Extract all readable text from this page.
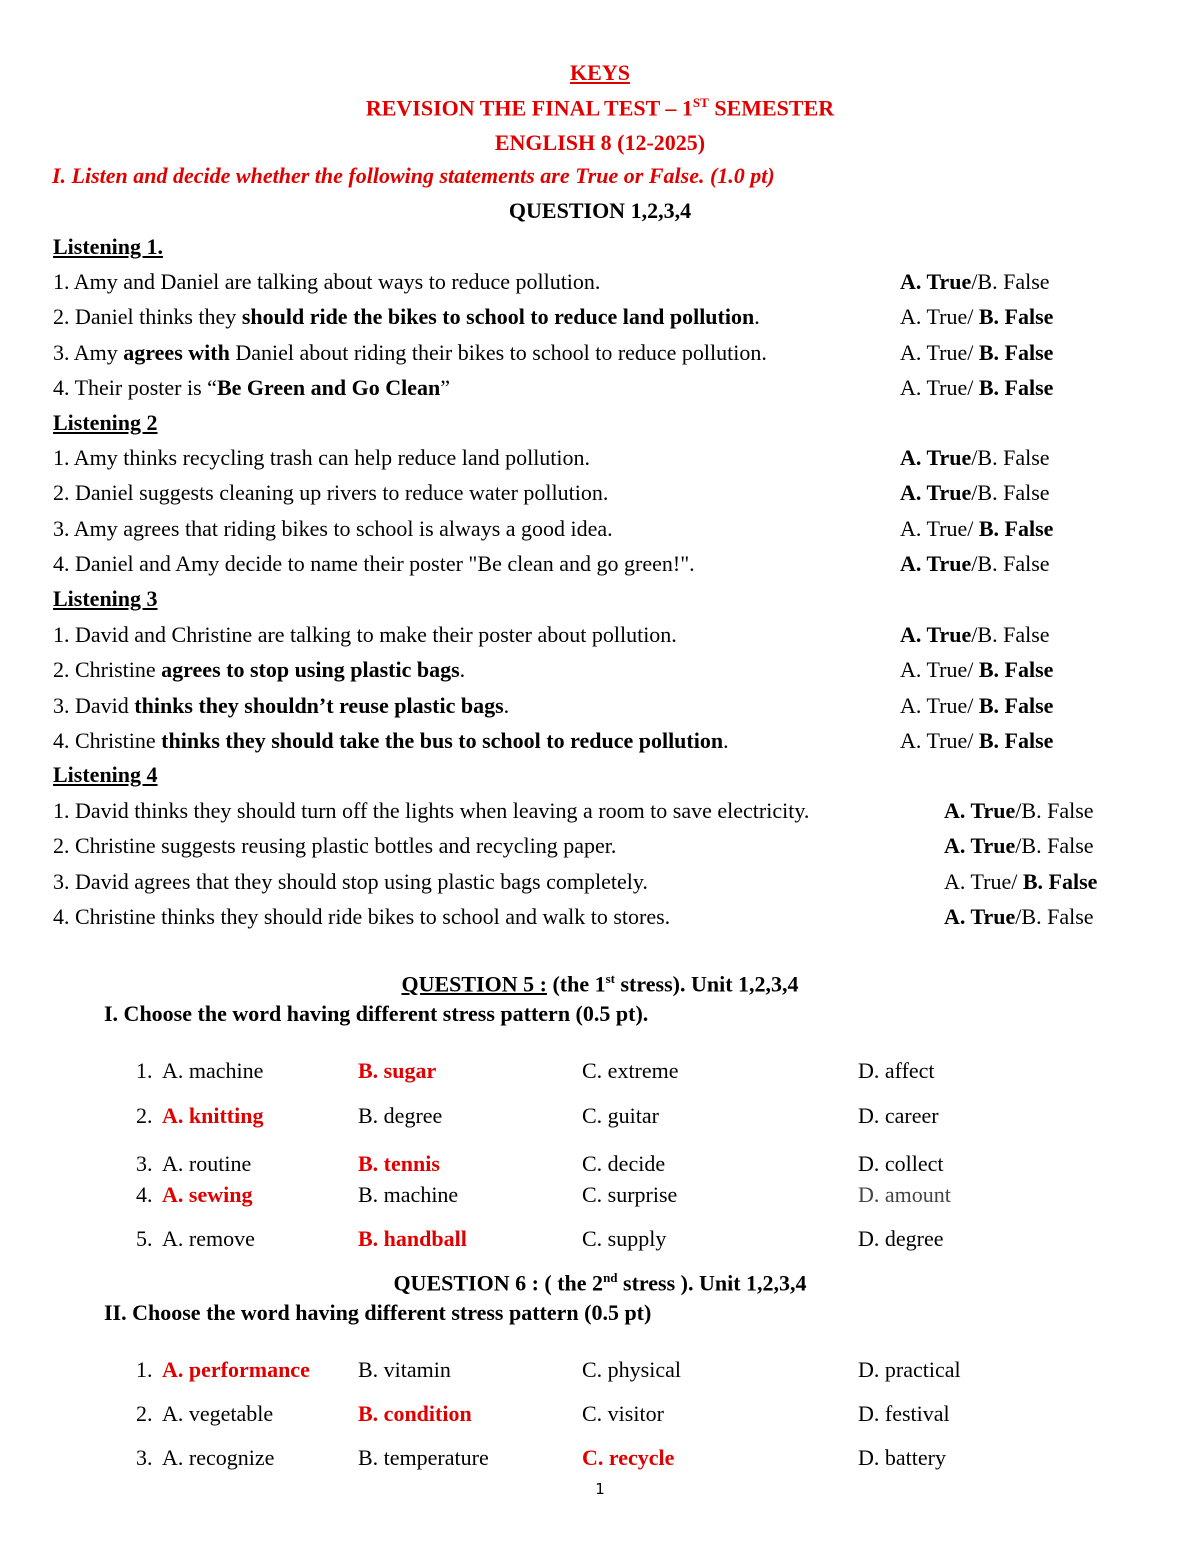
KEYS
REVISION THE FINAL TEST – 1ST SEMESTER
ENGLISH 8 (12-2025)
I. Listen and decide whether the following statements are True or False. (1.0 pt)
QUESTION 1,2,3,4
Listening 1.
1. Amy and Daniel are talking about ways to reduce pollution.	A. True/B. False
2. Daniel thinks they should ride the bikes to school to reduce land pollution.	A. True/ B. False
3. Amy agrees with Daniel about riding their bikes to school to reduce pollution.	A. True/ B. False
4. Their poster is “Be Green and Go Clean”	A. True/ B. False
Listening 2
1. Amy thinks recycling trash can help reduce land pollution.	A. True/B. False
2. Daniel suggests cleaning up rivers to reduce water pollution.	A. True/B. False
3. Amy agrees that riding bikes to school is always a good idea.	A. True/ B. False
4. Daniel and Amy decide to name their poster "Be clean and go green!".	A. True/B. False
Listening 3
1. David and Christine are talking to make their poster about pollution.	A. True/B. False
2. Christine agrees to stop using plastic bags.	A. True/ B. False
3. David thinks they shouldn’t reuse plastic bags.	A. True/ B. False
4. Christine thinks they should take the bus to school to reduce pollution.	A. True/ B. False
Listening 4
1. David thinks they should turn off the lights when leaving a room to save electricity.	A. True/B. False
2. Christine suggests reusing plastic bottles and recycling paper.	A. True/B. False
3. David agrees that they should stop using plastic bags completely.	A. True/ B. False
4. Christine thinks they should ride bikes to school and walk to stores.	A. True/B. False
QUESTION 5 : (the 1st stress). Unit 1,2,3,4
I. Choose the word having different stress pattern (0.5 pt).
1. A. machine	B. sugar	C. extreme	D. affect
2. A. knitting	B. degree	C. guitar	D. career
3. A. routine	B. tennis	C. decide	D. collect
4. A. sewing	B. machine	C. surprise	D. amount
5. A. remove	B. handball	C. supply	D. degree
QUESTION 6 : ( the 2nd stress ). Unit 1,2,3,4
II. Choose the word having different stress pattern (0.5 pt)
1. A. performance B. vitamin	C. physical	D. practical
2. A. vegetable	B. condition	C. visitor	D. festival
3. A. recognize	B. temperature	C. recycle	D. battery
1
